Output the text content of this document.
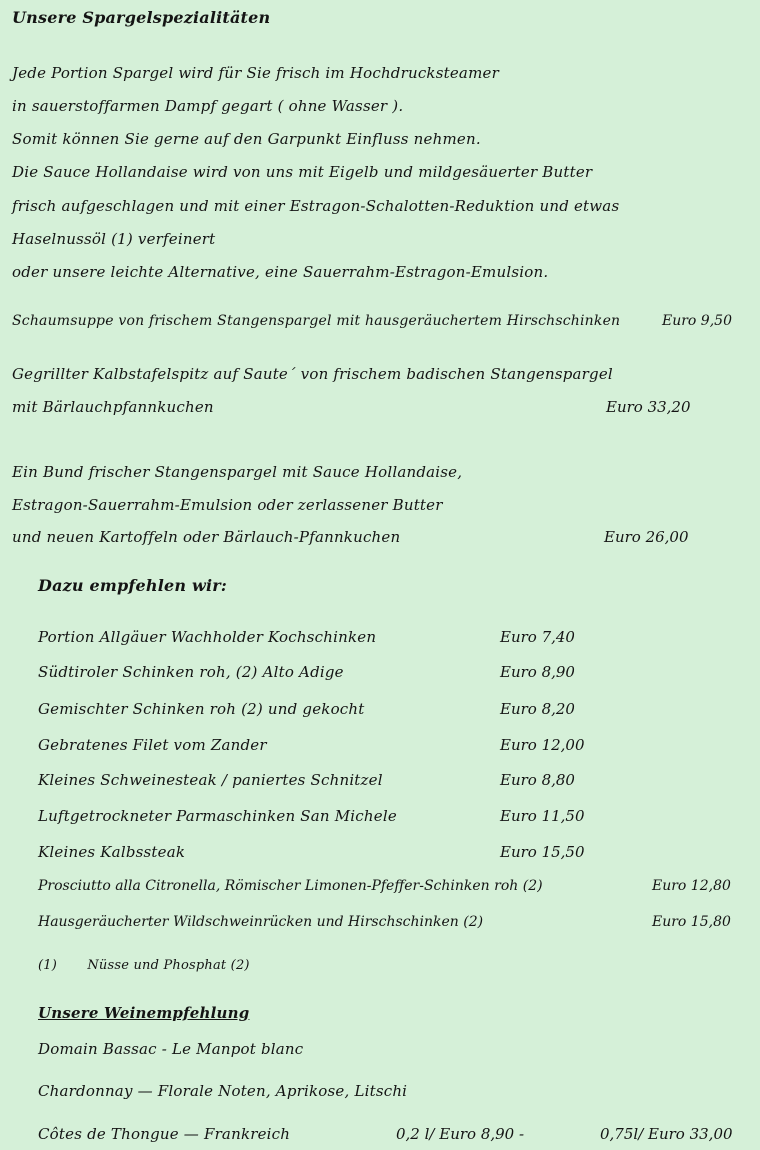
Unsere Spargelspezialitäten
Jede Portion Spargel wird für Sie frisch im Hochdrucksteamer
in sauerstoffarmen Dampf gegart ( ohne Wasser ).
Somit können Sie gerne auf den Garpunkt Einfluss nehmen.
Die Sauce Hollandaise wird von uns mit Eigelb und mildgesäuerter Butter
frisch aufgeschlagen und mit einer Estragon-Schalotten-Reduktion und etwas
Haselnussöl (1) verfeinert
oder unsere leichte Alternative, eine Sauerrahm-Estragon-Emulsion.
Schaumsuppe von frischem Stangenspargel mit hausgeräuchertem Hirschschinken	Euro 9,50
Gegrillter Kalbstafelspitz auf Saute´ von frischem badischen Stangenspargel
mit Bärlauchpfannkuchen	Euro 33,20
Ein Bund frischer Stangenspargel mit Sauce Hollandaise,
Estragon-Sauerrahm-Emulsion oder zerlassener Butter
und neuen Kartoffeln oder Bärlauch-Pfannkuchen	Euro 26,00
Dazu empfehlen wir:
Portion Allgäuer Wachholder Kochschinken	Euro 7,40
Südtiroler Schinken roh, (2) Alto Adige	Euro 8,90
Gemischter Schinken roh (2) und gekocht	Euro 8,20
Gebratenes Filet vom Zander	Euro 12,00
Kleines Schweinesteak / paniertes Schnitzel	Euro 8,80
Luftgetrockneter Parmaschinken San Michele	Euro 11,50
Kleines Kalbssteak	Euro 15,50
Prosciutto alla Citronella, Römischer Limonen-Pfeffer-Schinken roh (2)	Euro 12,80
Hausgeräucherter Wildschweinrücken und Hirschschinken (2)	Euro 15,80
(1)       Nüsse und Phosphat (2)
Unsere Weinempfehlung
Domain Bassac - Le Manpot blanc
Chardonnay — Florale Noten, Aprikose, Litschi
Côtes de Thongue — Frankreich	0,2 l/ Euro 8,90 -	0,75l/ Euro 33,00
